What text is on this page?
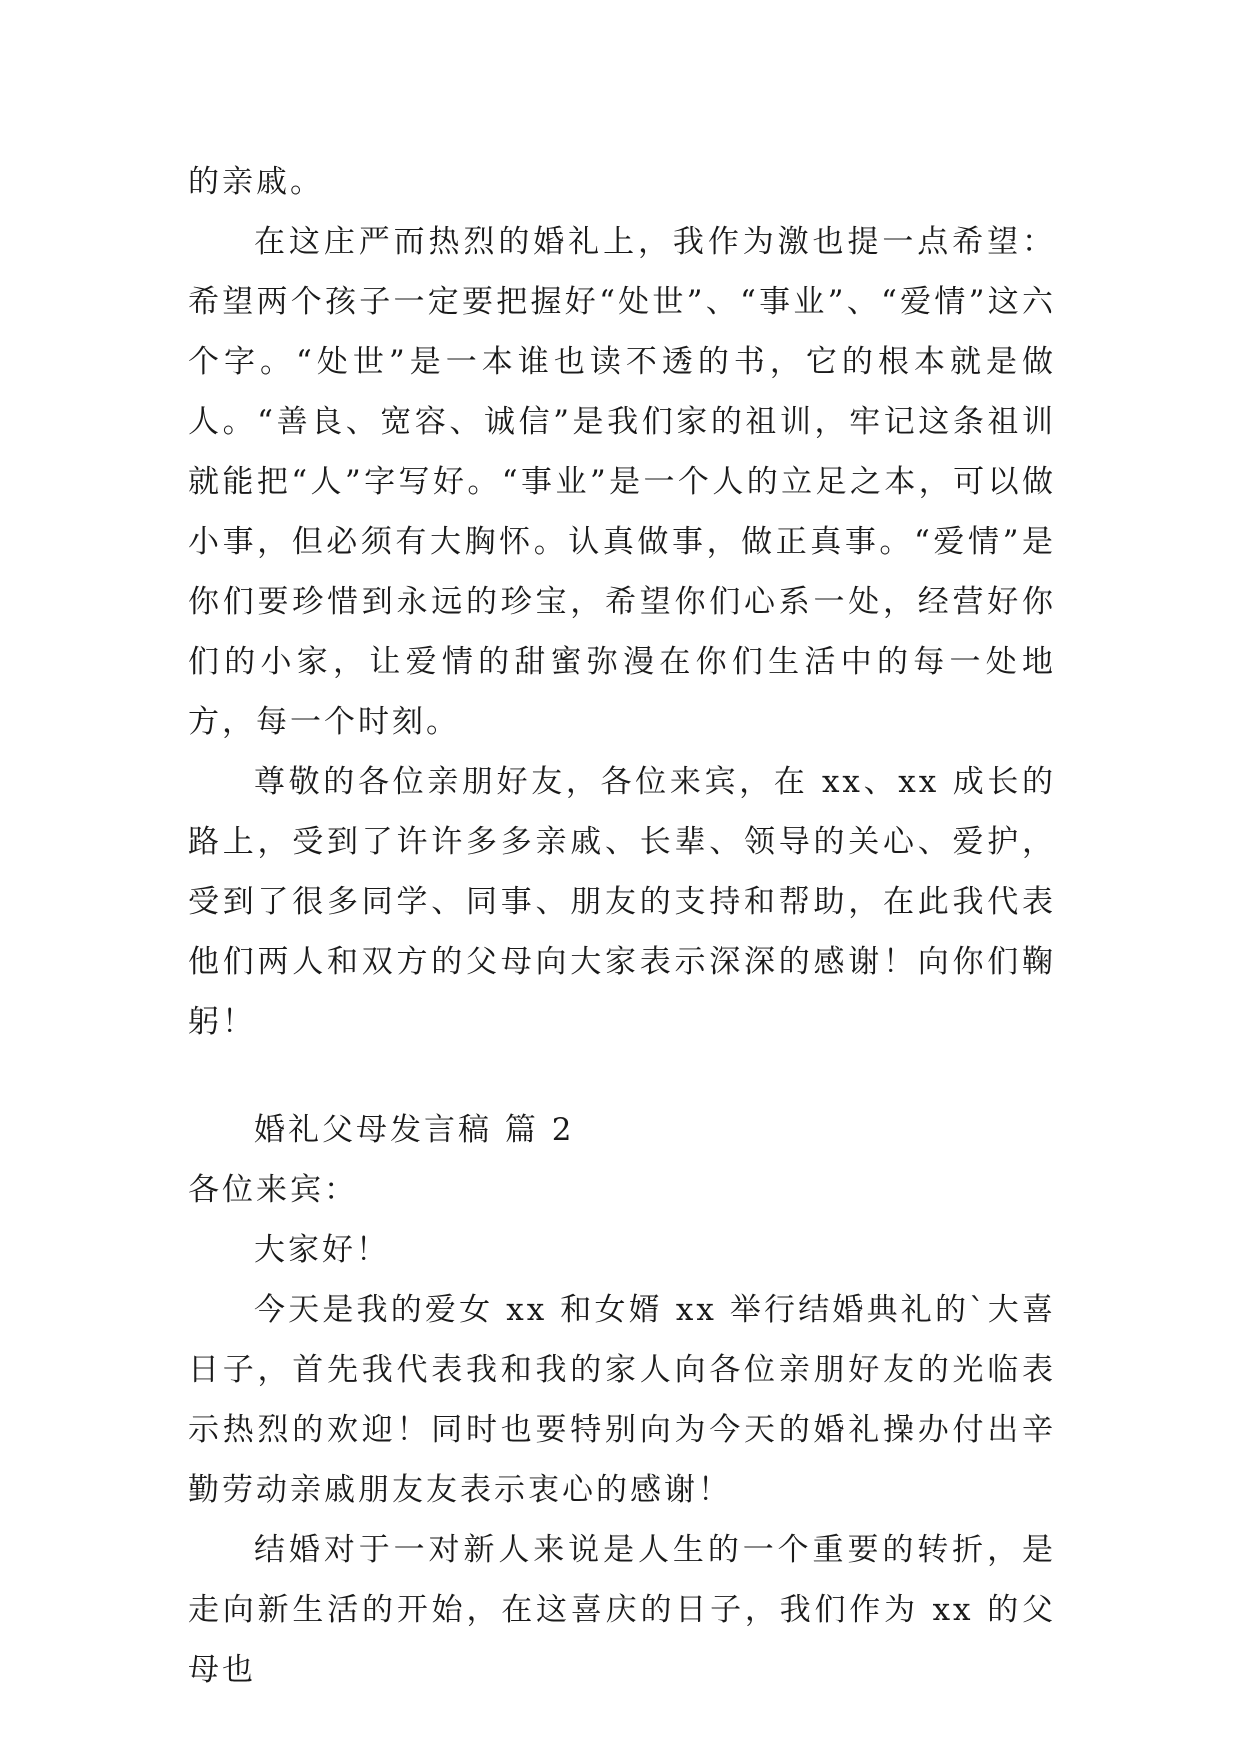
的亲戚。

在这庄严而热烈的婚礼上，我作为激也提一点希望：希望两个孩子一定要把握好“处世”、“事业”、“爱情”这六个字。“处世”是一本谁也读不透的书，它的根本就是做人。“善良、宽容、诚信”是我们家的祖训，牢记这条祖训就能把“人”字写好。“事业”是一个人的立足之本，可以做小事，但必须有大胸怀。认真做事，做正真事。“爱情”是你们要珍惜到永远的珍宝，希望你们心系一处，经营好你们的小家，让爱情的甜蜜弥漫在你们生活中的每一处地方，每一个时刻。

尊敬的各位亲朋好友，各位来宾，在 xx、xx 成长的路上，受到了许许多多亲戚、长辈、领导的关心、爱护，受到了很多同学、同事、朋友的支持和帮助，在此我代表他们两人和双方的父母向大家表示深深的感谢！向你们鞠躬！

婚礼父母发言稿 篇 2

各位来宾：

大家好！

今天是我的爱女 xx 和女婿 xx 举行结婚典礼的`大喜日子，首先我代表我和我的家人向各位亲朋好友的光临表示热烈的欢迎！同时也要特别向为今天的婚礼操办付出辛勤劳动亲戚朋友友表示衷心的感谢！

结婚对于一对新人来说是人生的一个重要的转折，是走向新生活的开始，在这喜庆的日子，我们作为 xx 的父母也
